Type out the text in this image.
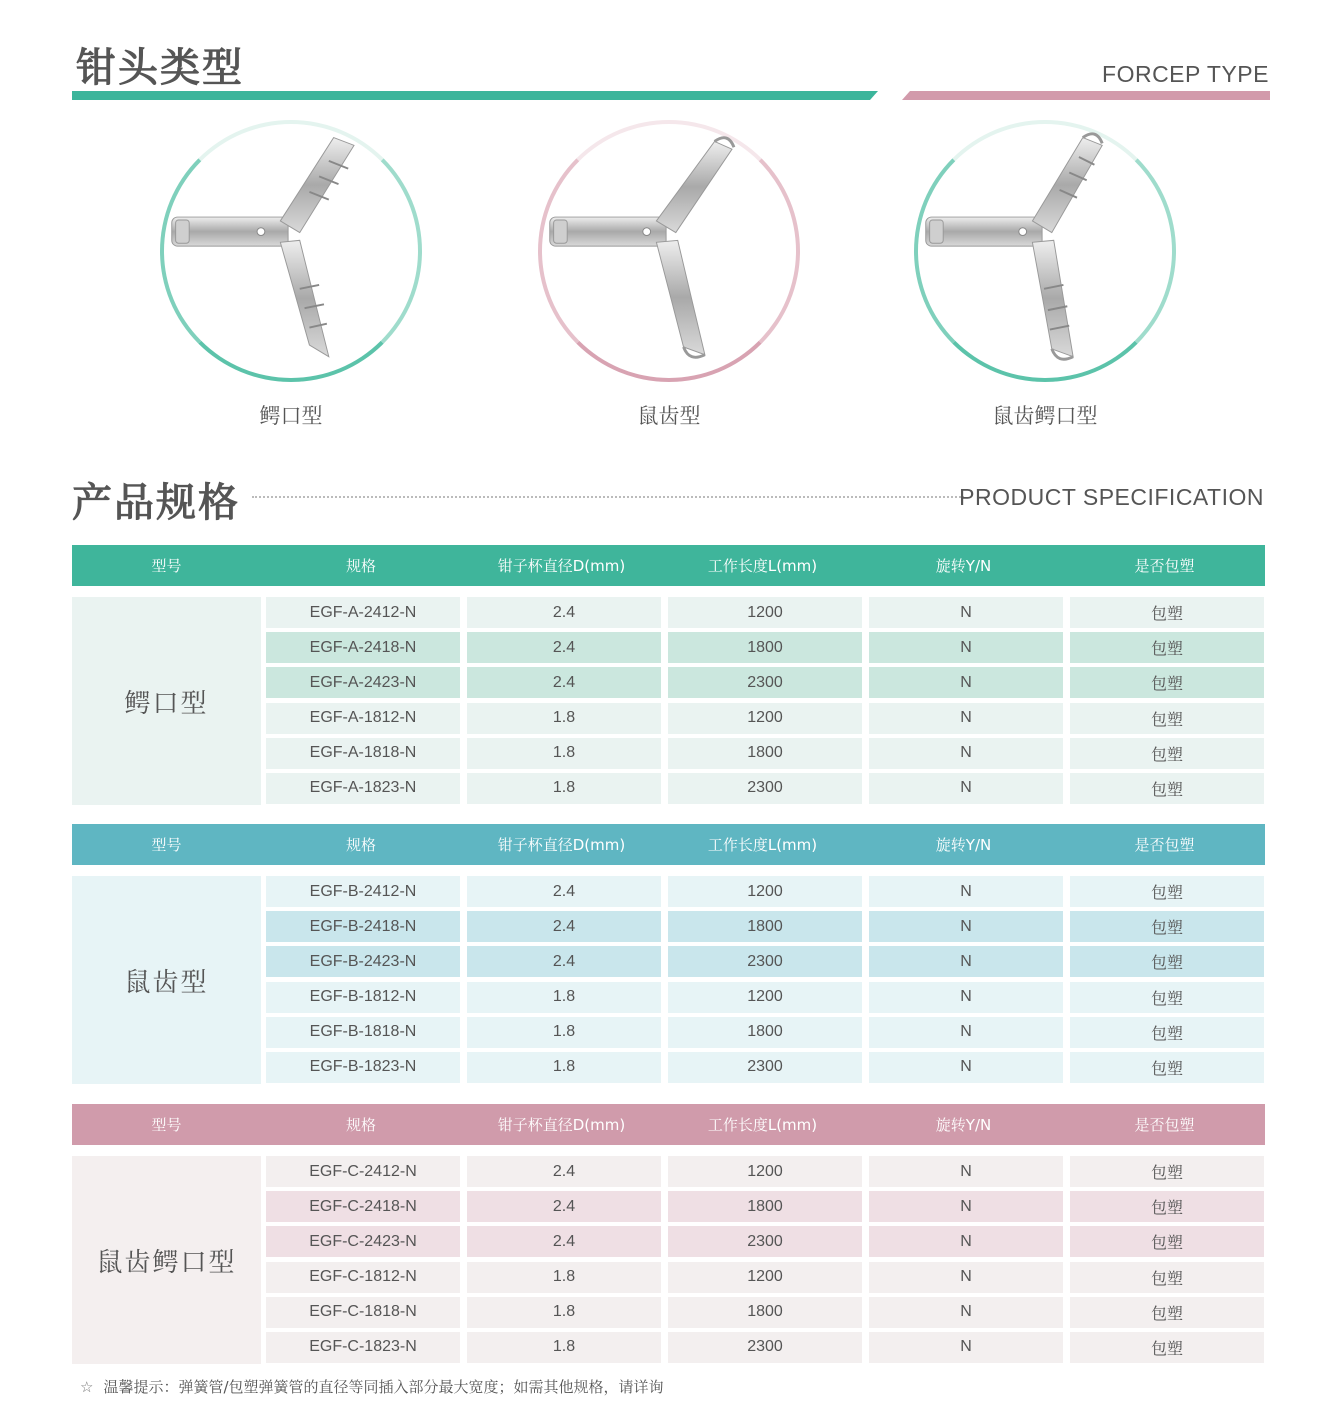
钳头类型	FORCEP TYPE
鳄口型	鼠齿型	鼠齿鳄口型
产品规格	PRODUCT SPECIFICATION
型号	规格	钳子杯直径D(mm)	工作长度L(mm)	旋转Y/N	是否包塑
鳄口型
EGF-A-2412-N	2.4	1200	N	包塑
EGF-A-2418-N	2.4	1800	N	包塑
EGF-A-2423-N	2.4	2300	N	包塑
EGF-A-1812-N	1.8	1200	N	包塑
EGF-A-1818-N	1.8	1800	N	包塑
EGF-A-1823-N	1.8	2300	N	包塑
型号	规格	钳子杯直径D(mm)	工作长度L(mm)	旋转Y/N	是否包塑
鼠齿型
EGF-B-2412-N	2.4	1200	N	包塑
EGF-B-2418-N	2.4	1800	N	包塑
EGF-B-2423-N	2.4	2300	N	包塑
EGF-B-1812-N	1.8	1200	N	包塑
EGF-B-1818-N	1.8	1800	N	包塑
EGF-B-1823-N	1.8	2300	N	包塑
型号	规格	钳子杯直径D(mm)	工作长度L(mm)	旋转Y/N	是否包塑
鼠齿鳄口型
EGF-C-2412-N	2.4	1200	N	包塑
EGF-C-2418-N	2.4	1800	N	包塑
EGF-C-2423-N	2.4	2300	N	包塑
EGF-C-1812-N	1.8	1200	N	包塑
EGF-C-1818-N	1.8	1800	N	包塑
EGF-C-1823-N	1.8	2300	N	包塑
☆ 温馨提示：弹簧管/包塑弹簧管的直径等同插入部分最大宽度；如需其他规格，请详询
